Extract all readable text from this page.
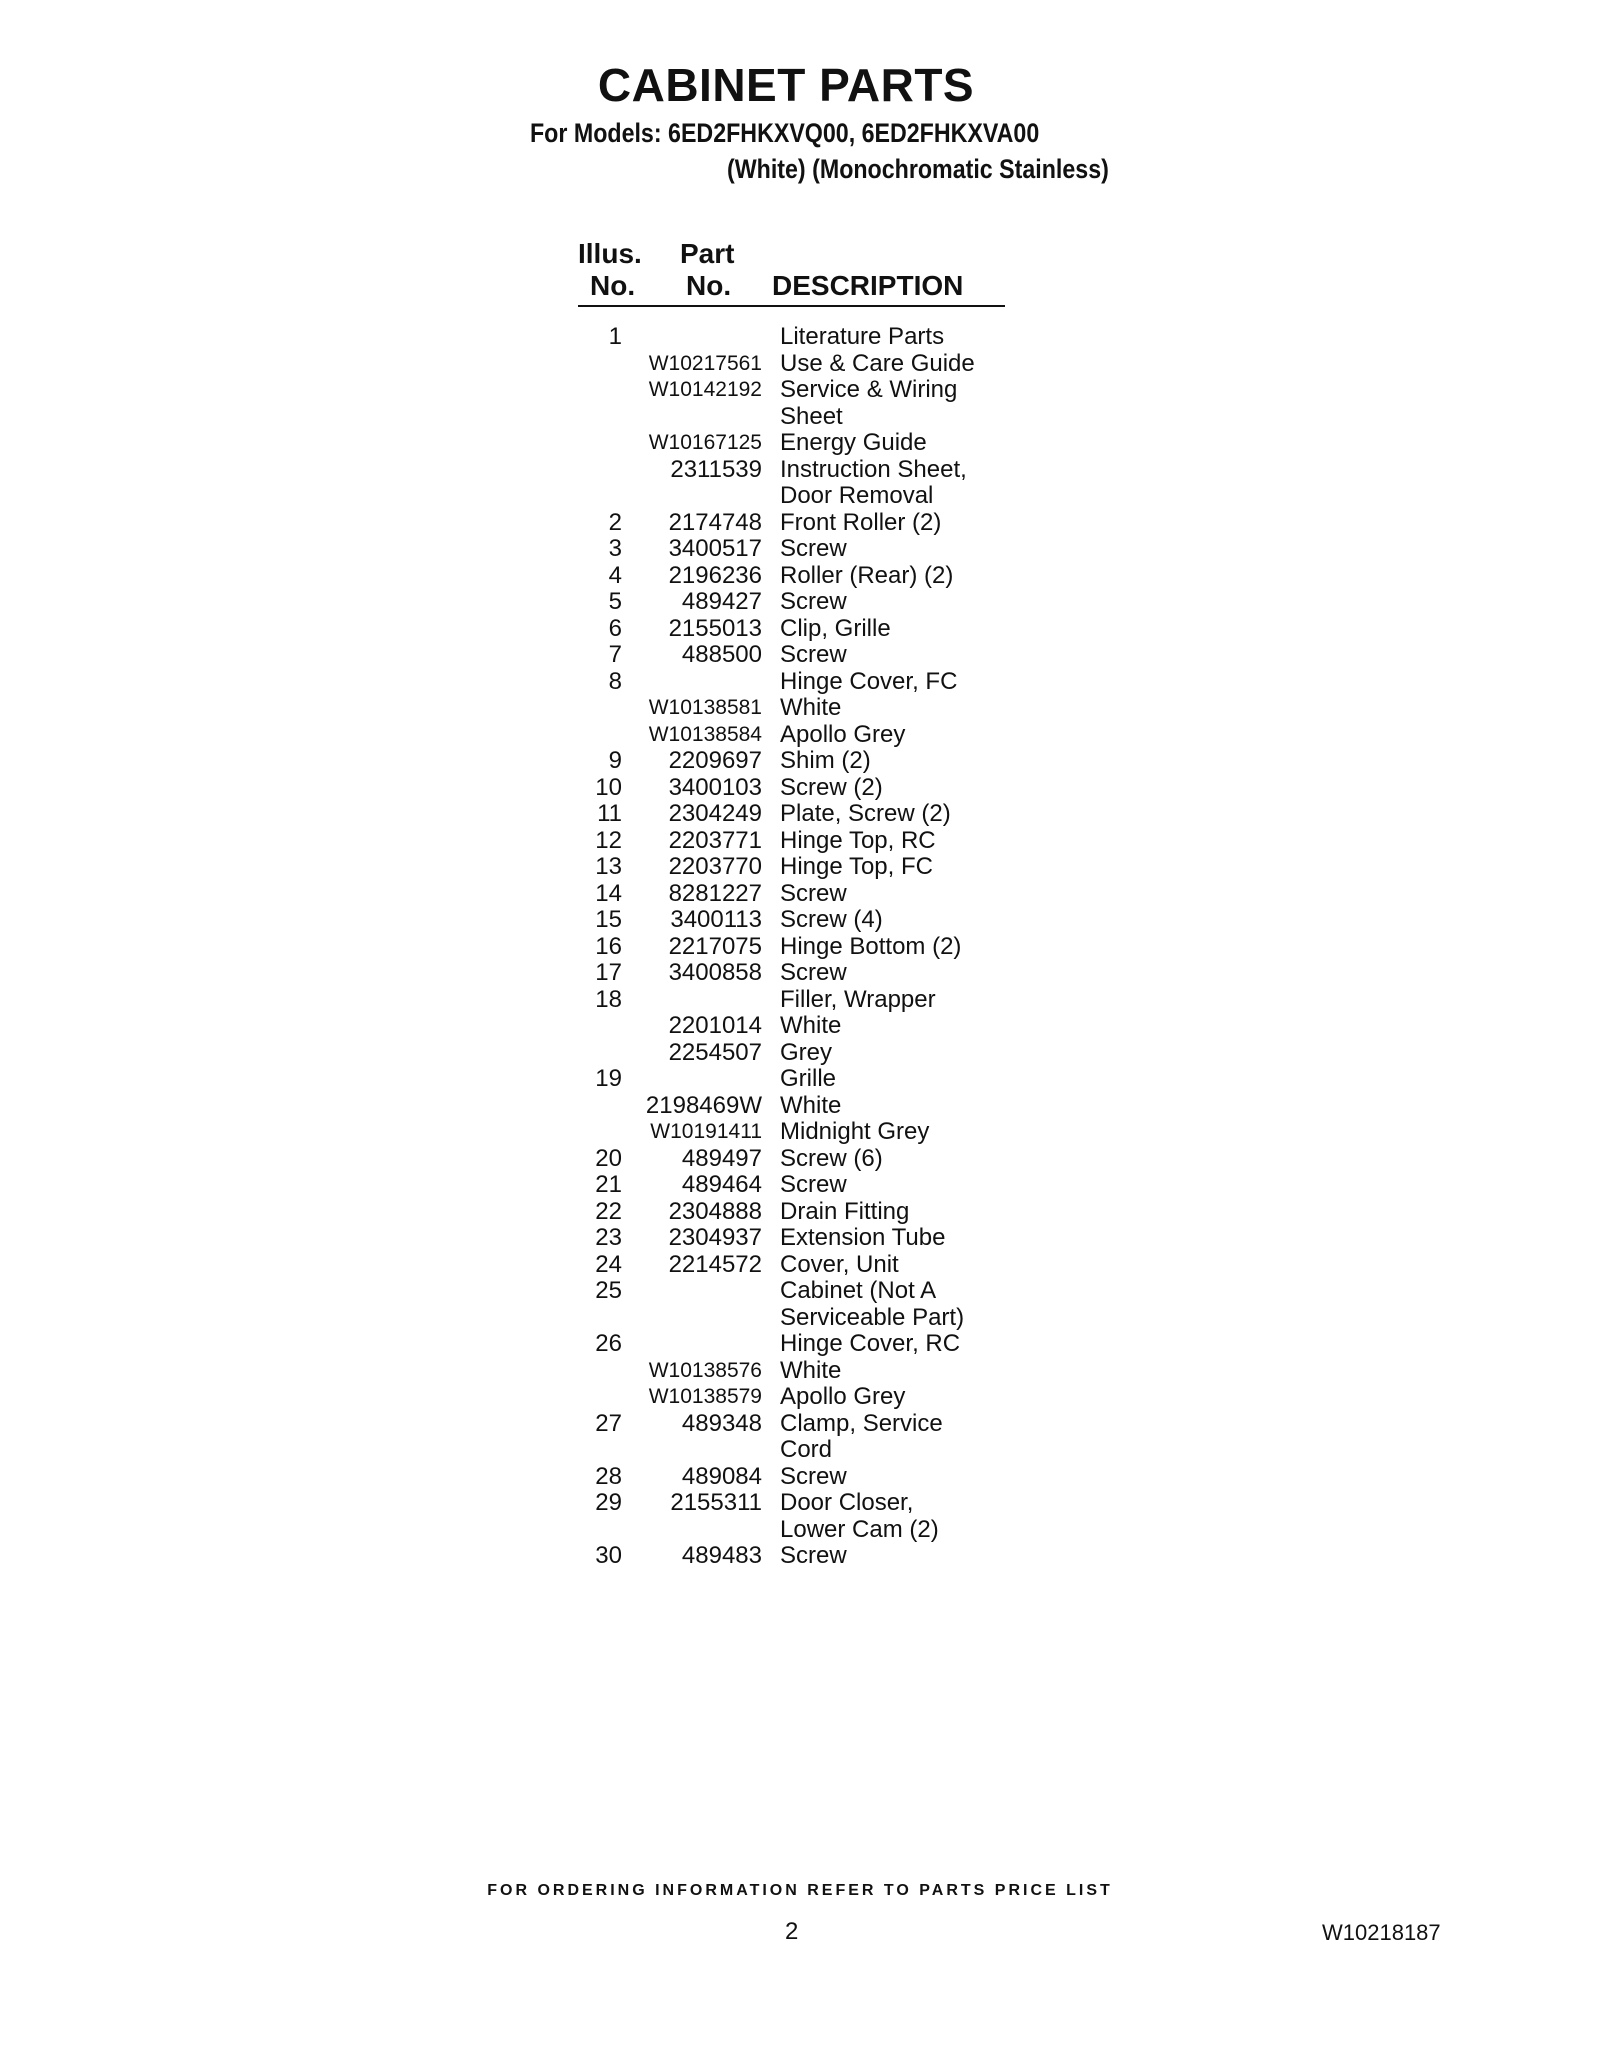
CABINET PARTS
For Models: 6ED2FHKXVQ00, 6ED2FHKXVA00
(White) (Monochromatic Stainless)
Illus.
No.
Part
No. DESCRIPTION
1	Literature Parts
W10217561 Use & Care Guide
W10142192 Service & Wiring
Sheet
W10167125 Energy Guide
2311539 Instruction Sheet,
Door Removal
2 2174748 Front Roller (2)
3 3400517 Screw
4 2196236 Roller (Rear) (2)
5 489427 Screw
6 2155013 Clip, Grille
7 488500 Screw
8	Hinge Cover, FC
W10138581 White
W10138584 Apollo Grey
9 2209697 Shim (2)
10 3400103 Screw (2)
11 2304249 Plate, Screw (2)
12 2203771 Hinge Top, RC
13 2203770 Hinge Top, FC
14 8281227 Screw
15 3400113 Screw (4)
16 2217075 Hinge Bottom (2)
17 3400858 Screw
18	Filler, Wrapper
2201014 White
2254507 Grey
19	Grille
2198469W White
W10191411 Midnight Grey
20 489497 Screw (6)
21 489464 Screw
22 2304888 Drain Fitting
23 2304937 Extension Tube
24 2214572 Cover, Unit
25	Cabinet (Not A
Serviceable Part)
26	Hinge Cover, RC
W10138576 White
W10138579 Apollo Grey
27 489348 Clamp, Service
Cord
28 489084 Screw
29 2155311 Door Closer,
Lower Cam (2)
30 489483 Screw
FOR ORDERING INFORMATION REFER TO PARTS PRICE LIST
2	W10218187
